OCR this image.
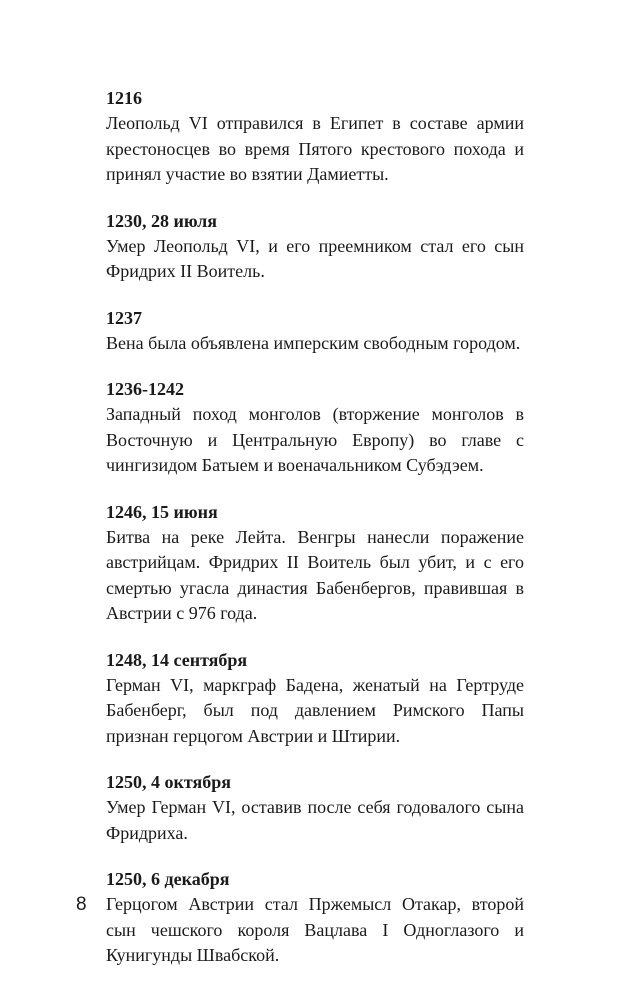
1216

Леопольд VI отправился в Египет в составе армии крестоносцев во время Пятого крестового похода и принял участие во взятии Дамиетты.

1230, 28 июля

Умер Леопольд VI, и его преемником стал его сын Фридрих II Воитель.

1237

Вена была объявлена имперским свободным городом.

1236-1242

Западный поход монголов (вторжение монголов в Восточную и Центральную Европу) во главе с чингизидом Батыем и военачальником Субэдэем.

1246, 15 июня

Битва на реке Лейта. Венгры нанесли поражение австрийцам. Фридрих II Воитель был убит, и с его смертью угасла династия Бабенбергов, правившая в Австрии с 976 года.

1248, 14 сентября

Герман VI, маркграф Бадена, женатый на Гертруде Бабенберг, был под давлением Римского Папы признан герцогом Австрии и Штирии.

1250, 4 октября

Умер Герман VI, оставив после себя годовалого сына Фридриха.

1250, 6 декабря

Герцогом Австрии стал Пржемысл Отакар, второй сын чешского короля Вацлава I Одноглазого и Кунигунды Швабской.

8
